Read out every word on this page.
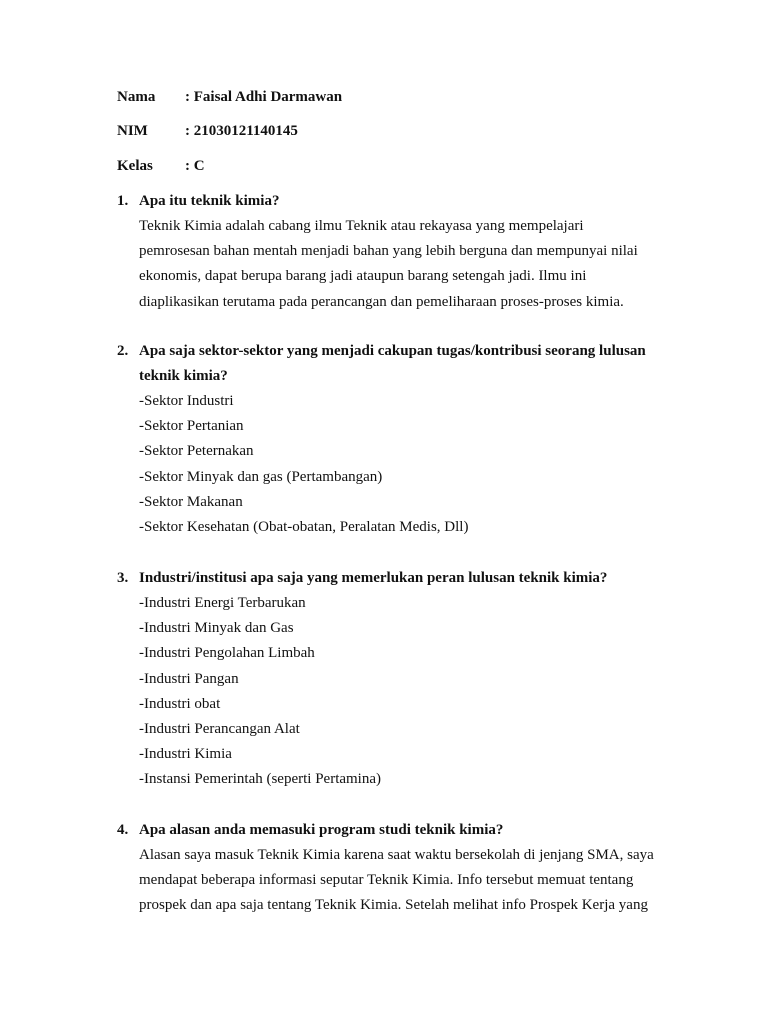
Nama	: Faisal Adhi Darmawan
NIM	: 21030121140145
Kelas	: C
1. Apa itu teknik kimia?

Teknik Kimia adalah cabang ilmu Teknik atau rekayasa yang mempelajari pemrosesan bahan mentah menjadi bahan yang lebih berguna dan mempunyai nilai ekonomis, dapat berupa barang jadi ataupun barang setengah jadi. Ilmu ini diaplikasikan terutama pada perancangan dan pemeliharaan proses-proses kimia.

2. Apa saja sektor-sektor yang menjadi cakupan tugas/kontribusi seorang lulusan teknik kimia?
-Sektor Industri
-Sektor Pertanian
-Sektor Peternakan
-Sektor Minyak dan gas (Pertambangan)
-Sektor Makanan
-Sektor Kesehatan (Obat-obatan, Peralatan Medis, Dll)
3. Industri/institusi apa saja yang memerlukan peran lulusan teknik kimia?
-Industri Energi Terbarukan
-Industri Minyak dan Gas
-Industri Pengolahan Limbah
-Industri Pangan
-Industri obat
-Industri Perancangan Alat
-Industri Kimia
-Instansi Pemerintah (seperti Pertamina)
4. Apa alasan anda memasuki program studi teknik kimia?

Alasan saya masuk Teknik Kimia karena saat waktu bersekolah di jenjang SMA, saya mendapat beberapa informasi seputar Teknik Kimia. Info tersebut memuat tentang prospek dan apa saja tentang Teknik Kimia. Setelah melihat info Prospek Kerja yang
